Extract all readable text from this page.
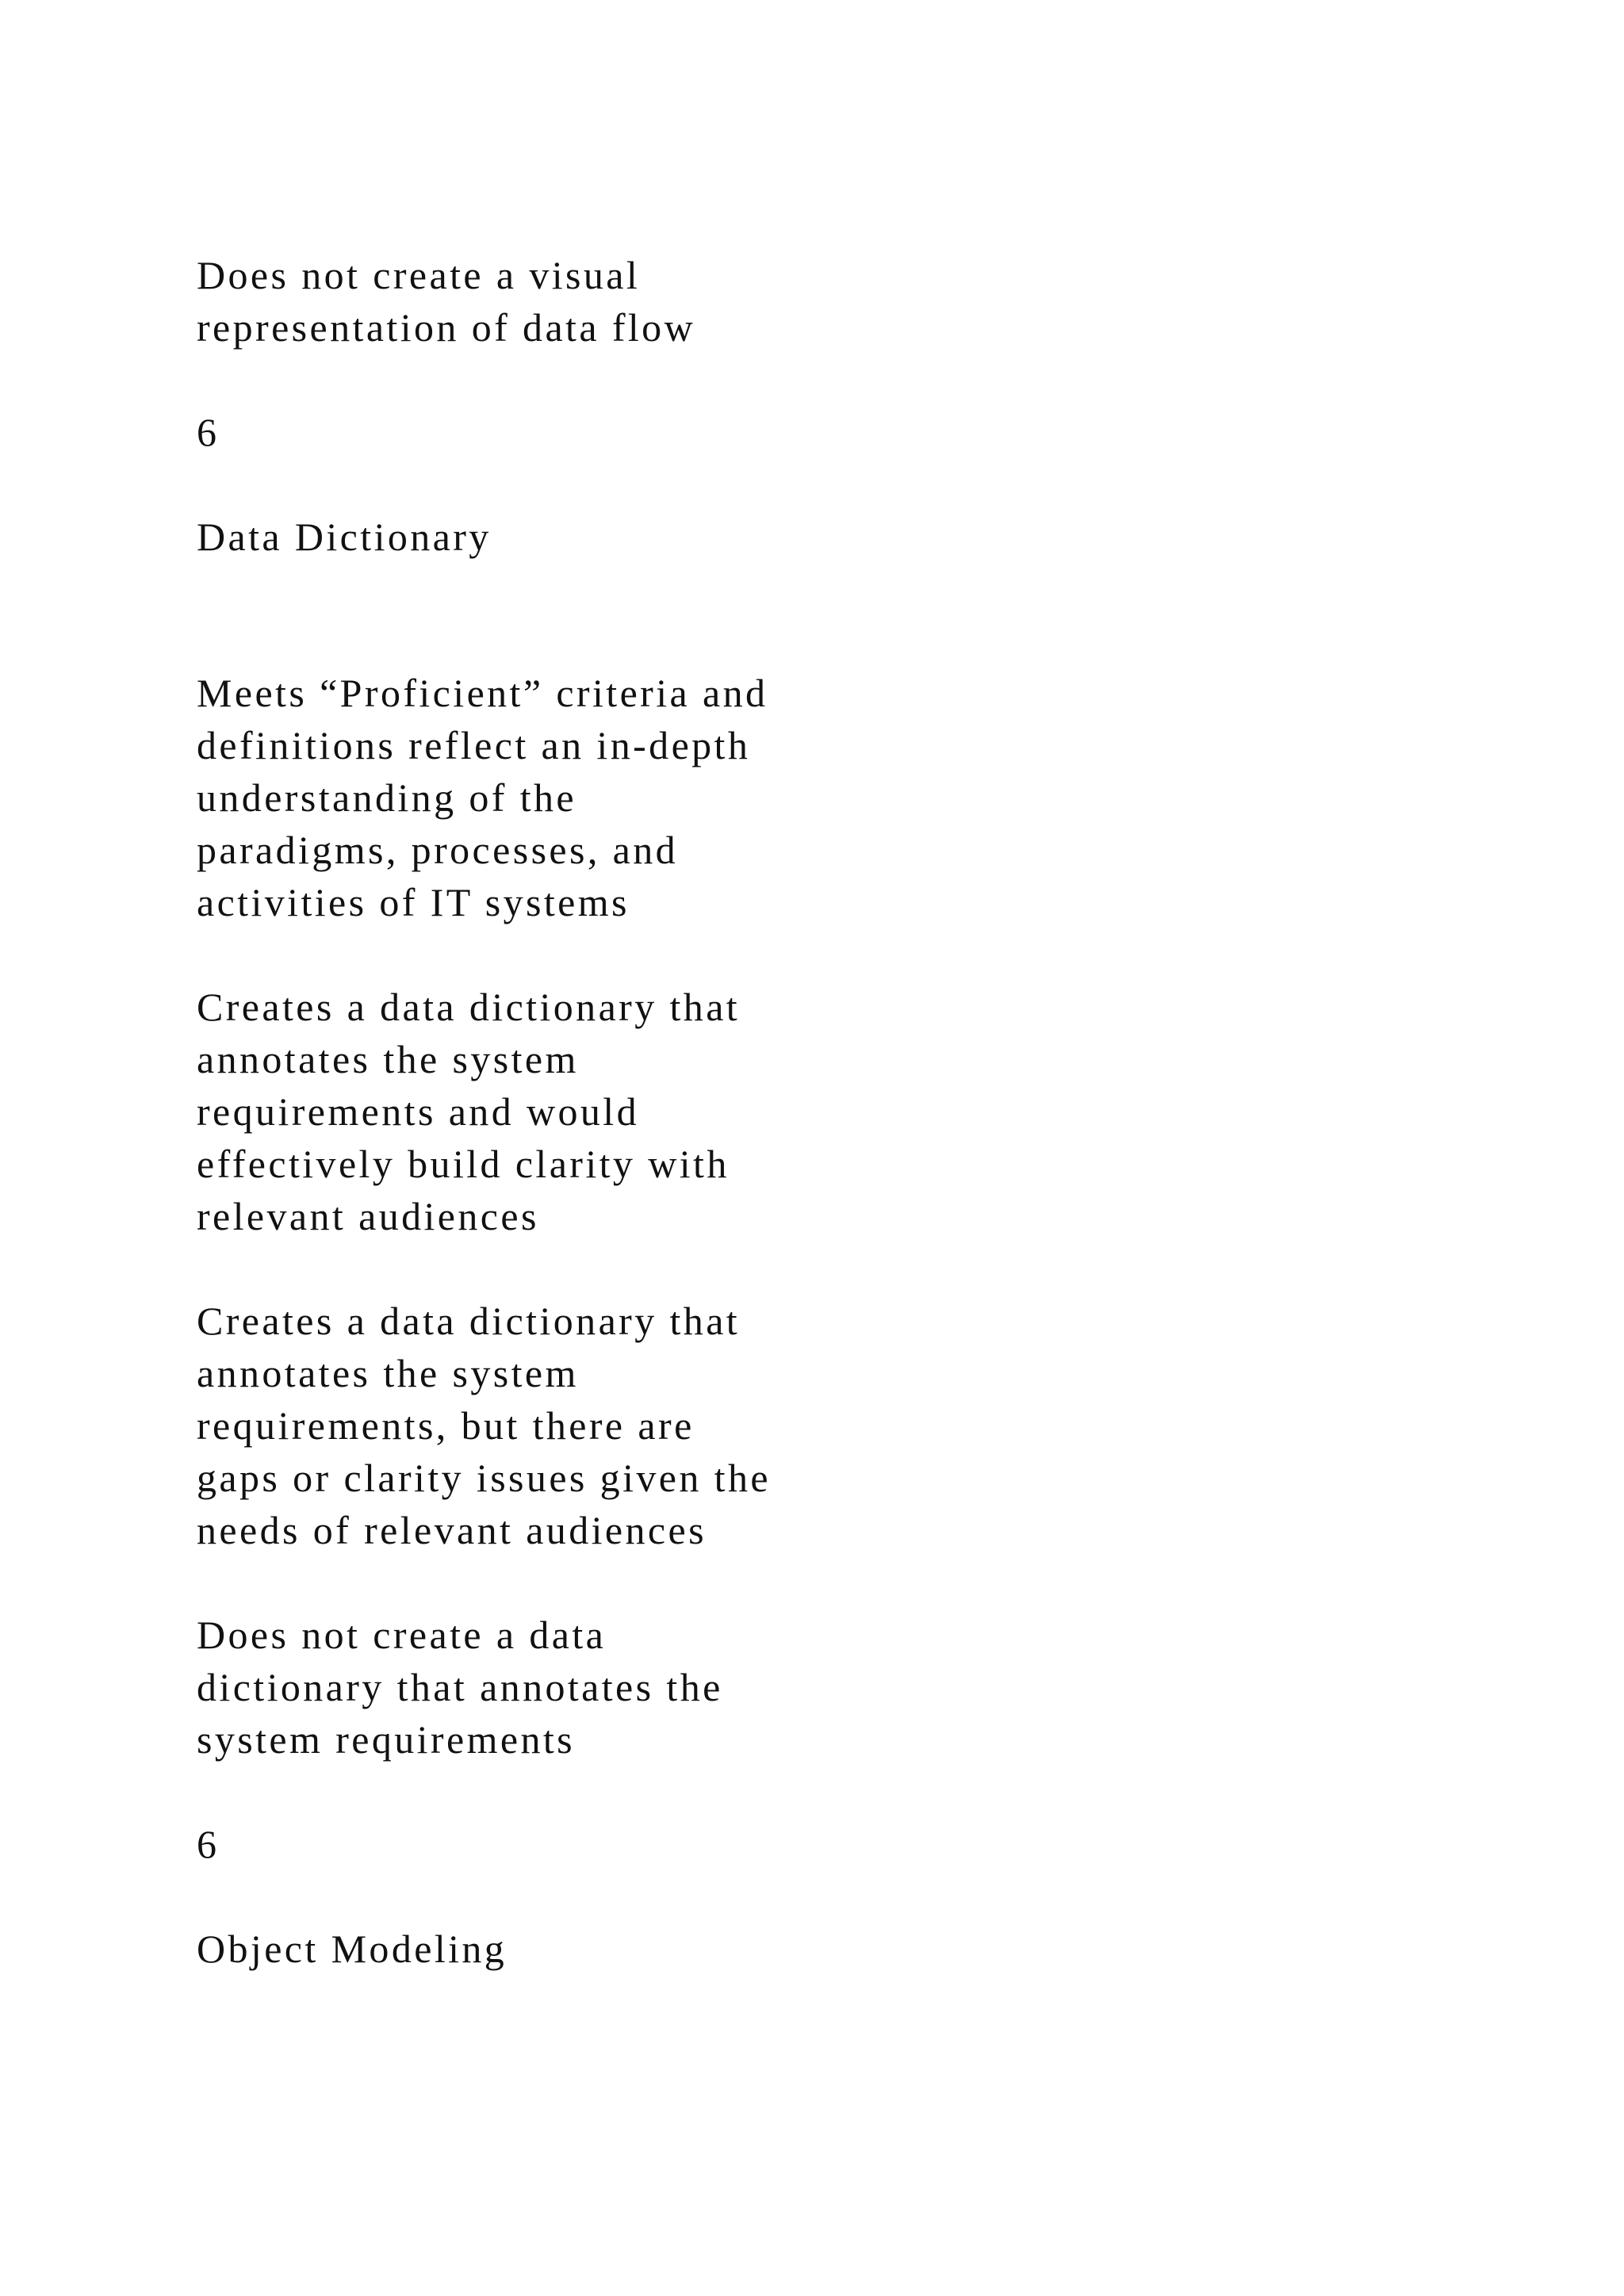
Does not create a visual

representation of data flow

6

Data Dictionary

Meets “Proficient” criteria and

definitions reflect an in-depth

understanding of the

paradigms, processes, and

activities of IT systems

Creates a data dictionary that

annotates the system

requirements and would

effectively build clarity with

relevant audiences

Creates a data dictionary that

annotates the system

requirements, but there are

gaps or clarity issues given the

needs of relevant audiences

Does not create a data

dictionary that annotates the

system requirements

6

Object Modeling
